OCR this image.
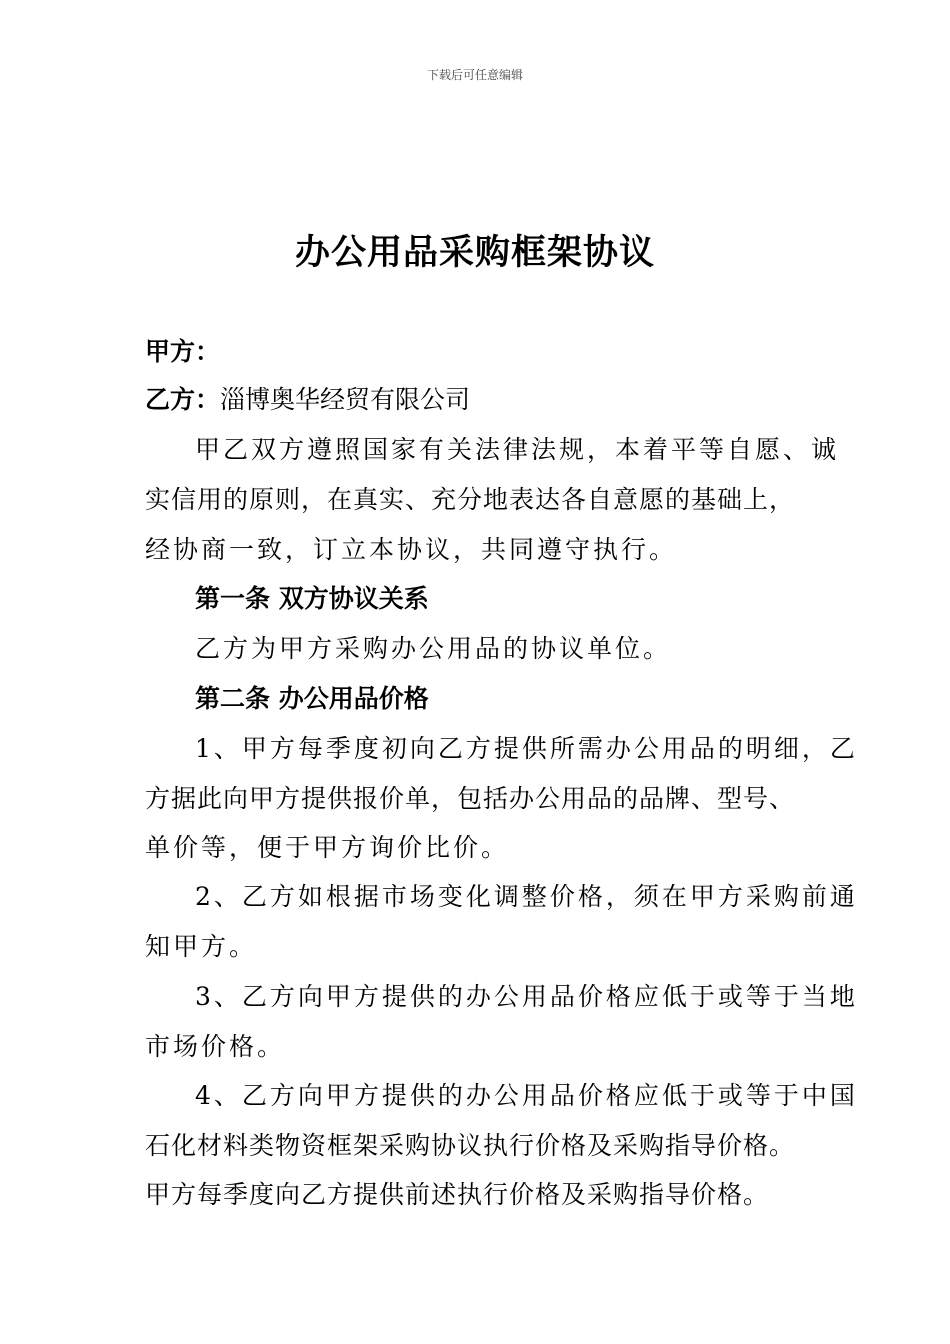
下载后可任意编辑
办公用品采购框架协议
甲方：
乙方：淄博奥华经贸有限公司
甲乙双方遵照国家有关法律法规，本着平等自愿、诚
实信用的原则，在真实、充分地表达各自意愿的基础上，
经协商一致，订立本协议，共同遵守执行。
第一条 双方协议关系
乙方为甲方采购办公用品的协议单位。
第二条 办公用品价格
1、甲方每季度初向乙方提供所需办公用品的明细，乙
方据此向甲方提供报价单，包括办公用品的品牌、型号、
单价等，便于甲方询价比价。
2、乙方如根据市场变化调整价格，须在甲方采购前通
知甲方。
3、乙方向甲方提供的办公用品价格应低于或等于当地
市场价格。
4、乙方向甲方提供的办公用品价格应低于或等于中国
石化材料类物资框架采购协议执行价格及采购指导价格。
甲方每季度向乙方提供前述执行价格及采购指导价格。
